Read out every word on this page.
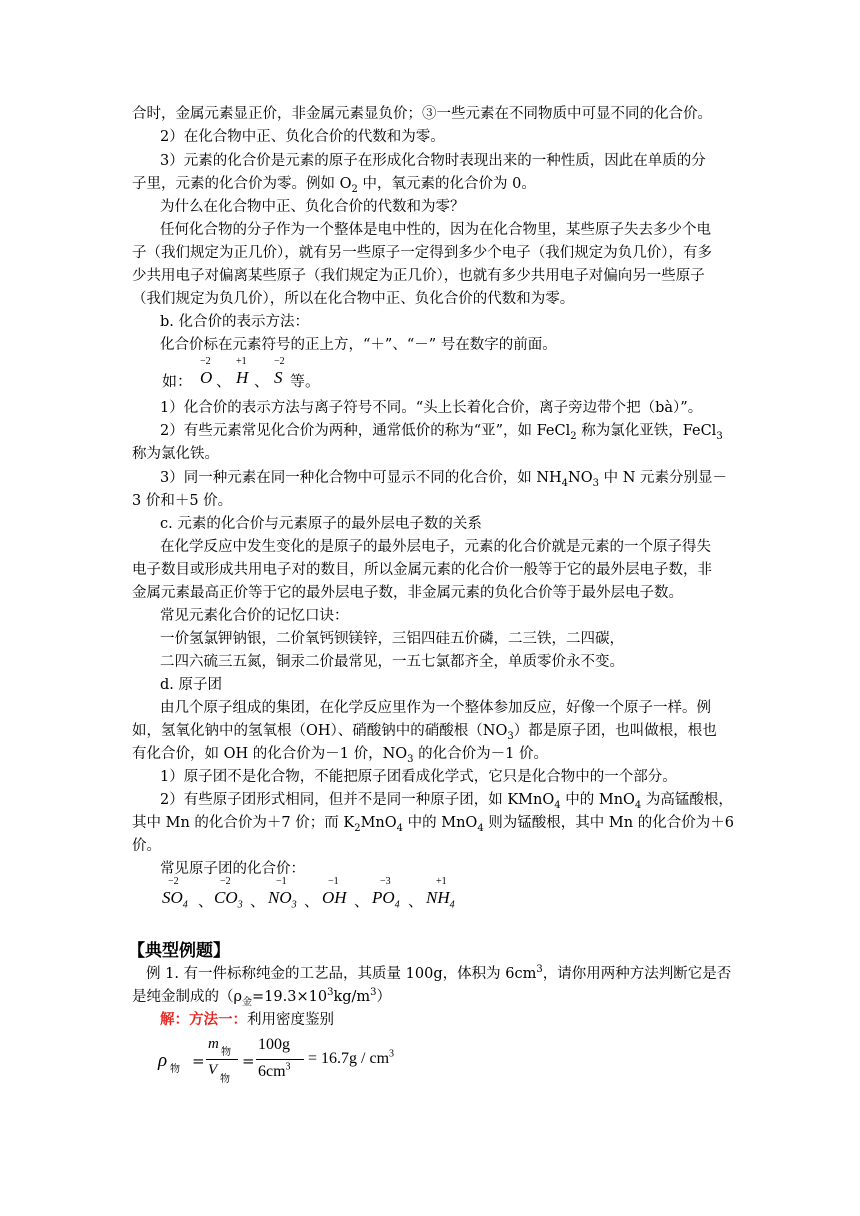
合时，金属元素显正价，非金属元素显负价；③一些元素在不同物质中可显不同的化合价。
2）在化合物中正、负化合价的代数和为零。
3）元素的化合价是元素的原子在形成化合物时表现出来的一种性质，因此在单质的分
子里，元素的化合价为零。例如 $O_2$ 中，氧元素的化合价为 0。
为什么在化合物中正、负化合价的代数和为零？
任何化合物的分子作为一个整体是电中性的，因为在化合物里，某些原子失去多少个电
子（我们规定为正几价），就有另一些原子一定得到多少个电子（我们规定为负几价），有多
少共用电子对偏离某些原子（我们规定为正几价），也就有多少共用电子对偏向另一些原子
（我们规定为负几价），所以在化合物中正、负化合价的代数和为零。
b. 化合价的表示方法：
化合价标在元素符号的正上方，“＋”、“－” 号在数字的前面。
如：
−2
O 、
+1
H 、
−2
S 等。
1）化合价的表示方法与离子符号不同。“头上长着化合价，离子旁边带个把（bà）”。
2）有些元素常见化合价为两种，通常低价的称为“亚”，如 FeCl$_2$ 称为氯化亚铁，FeCl$_3$
称为氯化铁。
3）同一种元素在同一种化合物中可显示不同的化合价，如 $NH_4NO_3$ 中 N 元素分别显－
3 价和＋5 价。
c. 元素的化合价与元素原子的最外层电子数的关系
在化学反应中发生变化的是原子的最外层电子，元素的化合价就是元素的一个原子得失
电子数目或形成共用电子对的数目，所以金属元素的化合价一般等于它的最外层电子数，非
金属元素最高正价等于它的最外层电子数，非金属元素的负化合价等于最外层电子数。
常见元素化合价的记忆口诀：
一价氢氯钾钠银，二价氧钙钡镁锌，三铝四硅五价磷，二三铁，二四碳，
二四六硫三五氮，铜汞二价最常见，一五七氯都齐全，单质零价永不变。
d. 原子团
由几个原子组成的集团，在化学反应里作为一个整体参加反应，好像一个原子一样。例
如，氢氧化钠中的氢氧根（OH）、硝酸钠中的硝酸根$(NO_3)$都是原子团，也叫做根，根也
有化合价，如 OH 的化合价为－1 价，$NO_3$ 的化合价为－1 价。
1）原子团不是化合物，不能把原子团看成化学式，它只是化合物中的一个部分。
2）有些原子团形式相同，但并不是同一种原子团，如 KMnO$_4$ 中的 MnO$_4$ 为高锰酸根，
其中 Mn 的化合价为＋7 价；而 $K_2MnO_4$ 中的 MnO$_4$ 则为锰酸根，其中 Mn 的化合价为＋6
价。
常见原子团的化合价：
−2
$SO_4$ 、
−2
$CO_3$ 、
−1
$NO_3$ 、
−1
OH 、
−3
$PO_4$ 、
+1
$NH_4$
【典型例题】
例 1. 有一件标称纯金的工艺品，其质量 100g，体积为 $6cm^3$，请你用两种方法判断它是否
是纯金制成的$(\rho_金=19.3\times 10^3kg/m^3)$
解：方法一：利用密度鉴别
ρ 物 =
m
物
V
物
=
100g
$6cm^3$
= $16.7g / cm^3$
